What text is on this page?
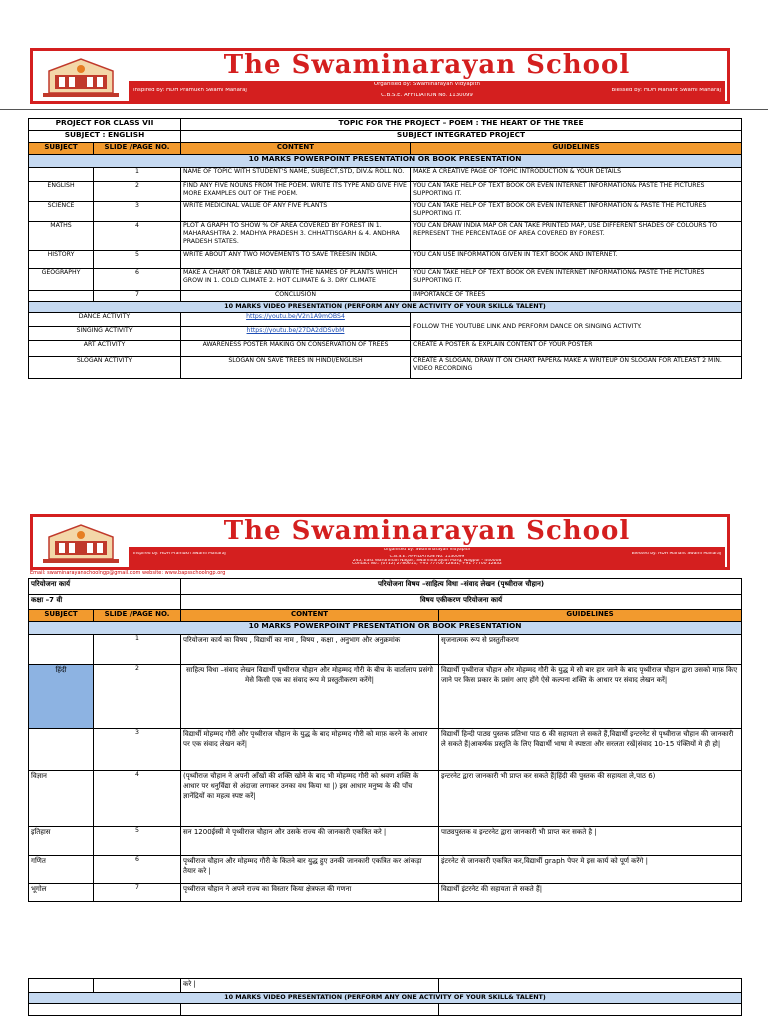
The Swaminarayan School
Organised by: Swaminarayan Vidyapith
Inspired by: HDH Pramukh Swami Maharaj	Blessed by: HDH Mahant Swami Maharaj
C.B.S.E. AFFILIATION No. 1130099
PROJECT FOR CLASS VII		TOPIC FOR THE PROJECT – POEM : THE HEART OF THE TREE	
SUBJECT : ENGLISH		SUBJECT INTEGRATED PROJECT	
SUBJECT	SLIDE /PAGE NO.	CONTENT	GUIDELINES
10 MARKS POWERPOINT PRESENTATION OR BOOK PRESENTATION			
	1	NAME OF TOPIC WITH STUDENT'S NAME, SUBJECT,STD, DIV.& ROLL NO.	MAKE A CREATIVE PAGE OF TOPIC INTRODUCTION & YOUR DETAILS
ENGLISH	2	FIND ANY FIVE NOUNS FROM THE POEM. WRITE ITS TYPE AND GIVE FIVE MORE EXAMPLES OUT OF THE POEM.	YOU CAN TAKE HELP OF TEXT BOOK OR EVEN INTERNET INFORMATION& PASTE THE PICTURES SUPPORTING IT.
SCIENCE	3	WRITE MEDICINAL VALUE OF ANY FIVE PLANTS	YOU CAN TAKE HELP OF TEXT BOOK OR EVEN INTERNET INFORMATION & PASTE THE PICTURES SUPPORTING IT.
MATHS	4	PLOT A GRAPH TO SHOW % OF AREA COVERED BY FOREST IN 1. MAHARASHTRA 2. MADHYA PRADESH 3. CHHATTISGARH & 4. ANDHRA PRADESH STATES.	YOU CAN DRAW INDIA MAP OR CAN TAKE PRINTED MAP, USE DIFFERENT SHADES OF COLOURS TO REPRESENT THE PERCENTAGE OF AREA COVERED BY FOREST.
HISTORY	5	WRITE ABOUT ANY TWO MOVEMENTS TO SAVE TREESIN INDIA.	YOU CAN USE INFORMATION GIVEN IN TEXT BOOK AND INTERNET.
GEOGRAPHY	6	MAKE A CHART OR TABLE AND WRITE THE NAMES OF PLANTS WHICH GROW IN 1. COLD CLIMATE 2. HOT CLIMATE & 3. DRY CLIMATE	YOU CAN TAKE HELP OF TEXT BOOK OR EVEN INTERNET INFORMATION& PASTE THE PICTURES SUPPORTING IT.
	7	CONCLUSION	IMPORTANCE OF TREES
10 MARKS VIDEO PRESENTATION (PERFORM ANY ONE ACTIVITY OF YOUR SKILL& TALENT)			
DANCE ACTIVITY		https://youtu.be/V2n1A9mOBS4	FOLLOW THE YOUTUBE LINK AND PERFORM DANCE OR SINGING ACTIVITY.
SINGING ACTIVITY		https://youtu.be/27DA2dDSvbM	
ART ACTIVITY		AWARENESS POSTER MAKING ON CONSERVATION OF TREES	CREATE A POSTER & EXPLAIN CONTENT OF YOUR POSTER
SLOGAN ACTIVITY		SLOGAN ON SAVE TREES IN HINDI/ENGLISH	CREATE A SLOGAN, DRAW IT ON CHART PAPER& MAKE A WRITEUP ON SLOGAN FOR ATLEAST 2 MIN. VIDEO RECORDING
The Swaminarayan School
Organised by: Swaminarayan Vidyapith
Inspired by: HDH Pramukh Swami Maharaj	Blessed by: HDH Mahant Swami Maharaj
C.B.S.E. AFFILIATION No. 1130099
245, East Wardhman Nagar, Swaminarayan Marg, Nagpur - 440008
Contact No.: (0712) 2780611, +91 77700 12831, +91 77700 12832
Email: swaminarayanschoolngp@gmail.com website: www.bapsschoolngp.org
परियोजना कार्य		परियोजना विषय –साहित्य विधा –संवाद लेखन (पृथ्वीराज चौहान)	
कक्षा –7 वी		विषय एकीकरण परियोजना कार्य	
SUBJECT	SLIDE /PAGE NO.	CONTENT	GUIDELINES
10 MARKS POWERPOINT PRESENTATION OR BOOK PRESENTATION			
	1	परियोजना कार्य का विषय , विद्यार्थी का नाम , विषय , कक्षा , अनुभाग और अनुक्रमांक	सृजनात्मक रूप से प्रस्तुतीकरण
हिंदी	2	साहित्य विधा –संवाद लेखन विद्यार्थी पृथ्वीराज चौहान और मोहम्मद गौरी के बीच के वार्तालाप प्रसंगो मेसे किसी एक का संवाद रूप मे प्रस्तुतीकरण करेंगे|	विद्यार्थी पृथ्वीराज चौहान और मोहम्मद गौरी के युद्ध मे सौ बार हार जाने के बाद पृथ्वीराज चौहान द्वारा उसको माफ़ किए जाने पर किस प्रकार के प्रसंग आए होंगे ऐसे कल्पना शक्ति के आधार पर संवाद लेखन करें|
	3	विद्यार्थी मोहम्मद गौरी और पृथ्वीराज चौहान के युद्ध के बाद मोहम्मद गौरी को माफ़ करने के आधार पर एक संवाद लेखन करें|	विद्यार्थी हिन्दी पाठ्य पुस्तक प्रतिभा पाठ 6 की सहायता ले सकते हैं,विद्यार्थी इन्टरनेट से पृथ्वीराज चौहान की जानकारी ले सकते हैं|आकर्षक प्रस्तुति के लिए विद्यार्थी भाषा मे स्पष्टता और सरलता रखें|संवाद 10-15 पंक्तियों मे ही हो|
विज्ञान	4	(पृथ्वीराज चौहान ने अपनी आँखों की शक्ति खोने के बाद भी मोहम्मद गौरी को श्रवण शक्ति के आधार पर धनुर्विद्या से अंदाजा लगाकर उनका वध किया था |) इस आधार मनुष्य के की पाँच ज्ञानेंद्रियों का महत्व स्पष्ट करें|	इन्टरनेट द्वारा जानकारी भी प्राप्त कर सकते हैं|हिंदी की पुस्तक की सहायता ले,पाठ 6)
इतिहास	5	सन 1200ईस्वी मे पृथ्वीराज चौहान और उसके राज्य की जानकारी एकत्रित करे |	पाठ्यपुस्तक व इन्टरनेट द्वारा जानकारी भी प्राप्त कर सकते है |
गणित	6	पृथ्वीराज चौहान और मोहम्मद गौरी के कितने बार युद्ध हुए उनकी जानकारी एकत्रित कर आंकड़ा तैयार करे |	इंटरनेट से जानकारी एकत्रित कर,विद्यार्थी graph पेपर मे इस कार्य को पूर्ण करेंगे |
भूगोल	7	पृथ्वीराज चौहान ने अपने राज्य का विस्तार किया क्षेत्रफल की गणना	विद्यार्थी इंटरनेट की सहायता ले सकते हैं|
		करे |	
10 MARKS VIDEO PRESENTATION (PERFORM ANY ONE ACTIVITY OF YOUR SKILL& TALENT)			
